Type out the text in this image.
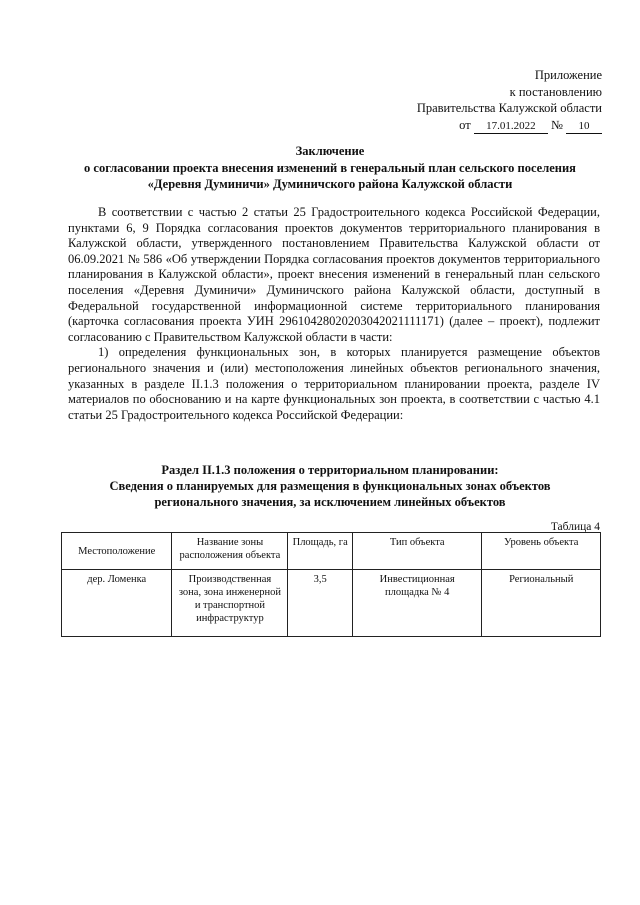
Приложение
к постановлению
Правительства Калужской области
от 17.01.2022 № 10
Заключение
о согласовании проекта внесения изменений в генеральный план сельского поселения «Деревня Думиничи» Думиничского района Калужской области

В соответствии с частью 2 статьи 25 Градостроительного кодекса Российской Федерации, пунктами 6, 9 Порядка согласования проектов документов территориального планирования в Калужской области, утвержденного постановлением Правительства Калужской области от 06.09.2021 № 586 «Об утверждении Порядка согласования проектов документов территориального планирования в Калужской области», проект внесения изменений в генеральный план сельского поселения «Деревня Думиничи» Думиничского района Калужской области, доступный в Федеральной государственной информационной системе территориального планирования (карточка согласования проекта УИН 29610428020203042021111171) (далее – проект), подлежит согласованию с Правительством Калужской области в части:

1) определения функциональных зон, в которых планируется размещение объектов регионального значения и (или) местоположения линейных объектов регионального значения, указанных в разделе II.1.3 положения о территориальном планировании проекта, разделе IV материалов по обоснованию и на карте функциональных зон проекта, в соответствии с частью 4.1 статьи 25 Градостроительного кодекса Российской Федерации:

Раздел II.1.3 положения о территориальном планировании:
Сведения о планируемых для размещения в функциональных зонах объектов
регионального значения, за исключением линейных объектов
Таблица 4
Местоположение	Название зоны расположения объекта	Площадь, га	Тип объекта	Уровень объекта
дер. Ломенка	Производственная зона, зона инженерной и транспортной инфраструктур	3,5	Инвестиционная площадка № 4	Региональный
